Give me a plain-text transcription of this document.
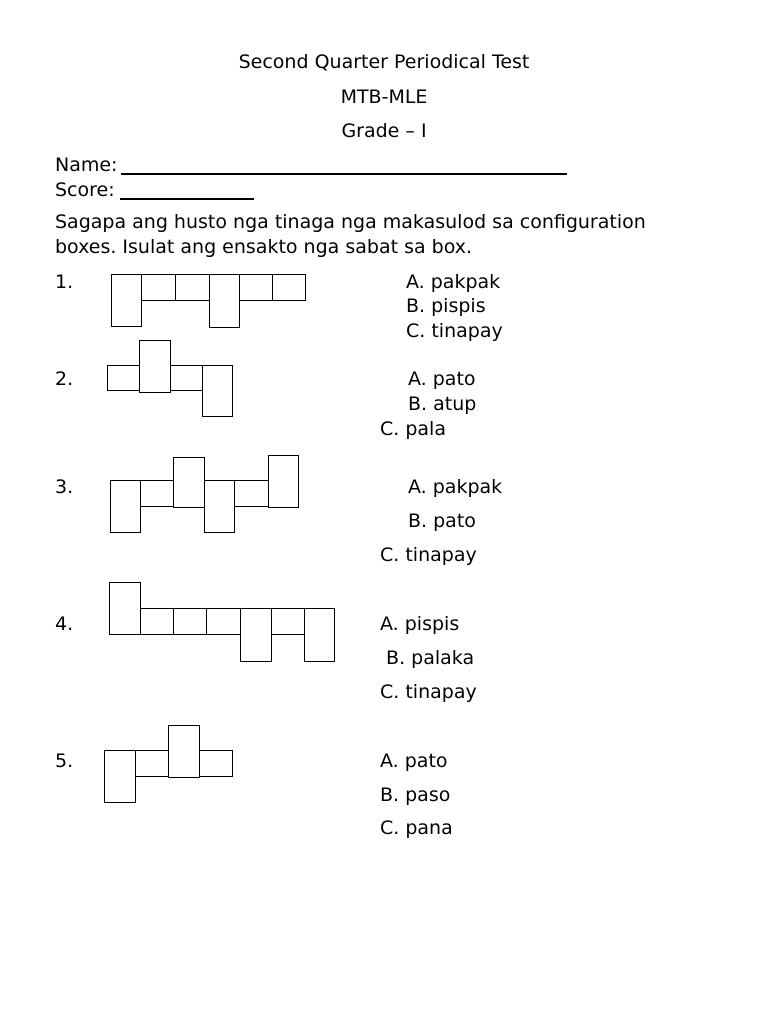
Second Quarter Periodical Test
MTB-MLE
Grade – I
Name:
Score:
Sagapa ang husto nga tinaga nga makasulod sa configuration
boxes. Isulat ang ensakto nga sabat sa box.
1.	A. pakpak
B. pispis
C. tinapay
2.	A. pato
B. atup
C. pala
3.	A. pakpak
B. pato
C. tinapay
4.	A. pispis
B. palaka
C. tinapay
5.	A. pato
B. paso
C. pana
